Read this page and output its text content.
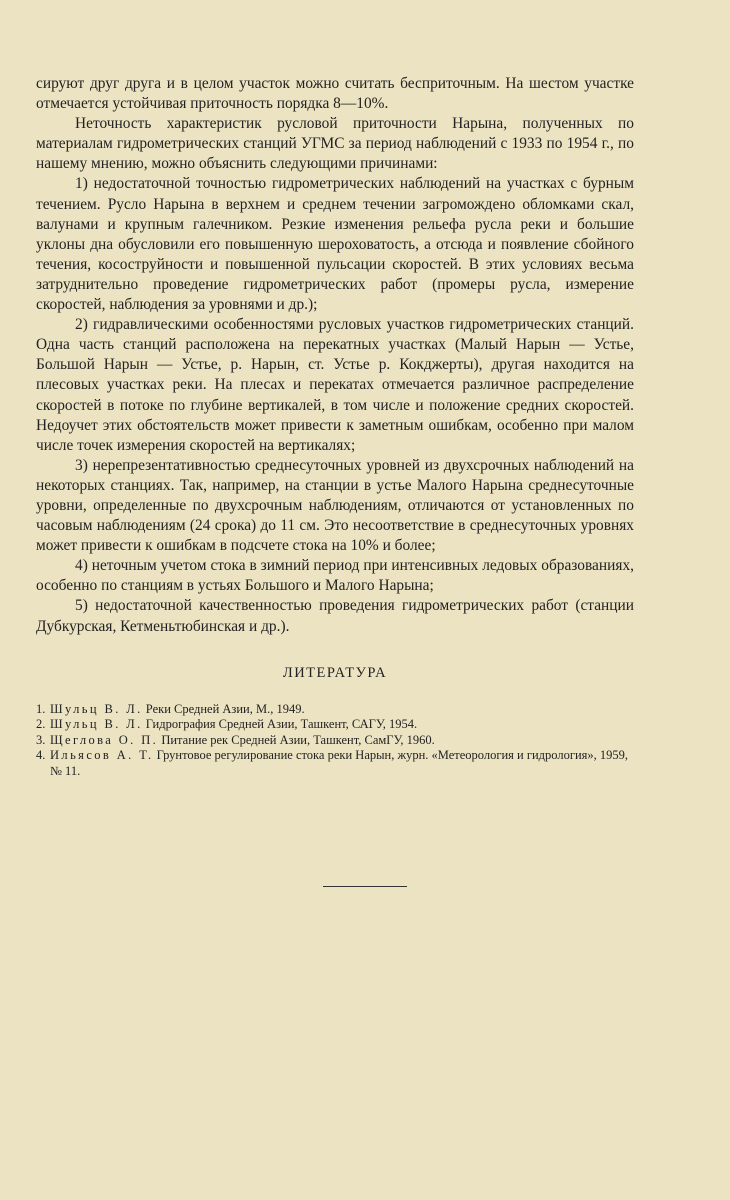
сируют друг друга и в целом участок можно считать бесприточным. На шестом участке отмечается устойчивая приточность порядка 8—10%.

Неточность характеристик русловой приточности Нарына, полученных по материалам гидрометрических станций УГМС за период наблюдений с 1933 по 1954 г., по нашему мнению, можно объяснить следующими причинами:

1) недостаточной точностью гидрометрических наблюдений на участках с бурным течением. Русло Нарына в верхнем и среднем течении загромождено обломками скал, валунами и крупным галечником. Резкие изменения рельефа русла реки и большие уклоны дна обусловили его повышенную шероховатость, а отсюда и появление сбойного течения, косоструйности и повышенной пульсации скоростей. В этих условиях весьма затруднительно проведение гидрометрических работ (промеры русла, измерение скоростей, наблюдения за уровнями и др.);

2) гидравлическими особенностями русловых участков гидрометрических станций. Одна часть станций расположена на перекатных участках (Малый Нарын — Устье, Большой Нарын — Устье, р. Нарын, ст. Устье р. Кокджерты), другая находится на плесовых участках реки. На плесах и перекатах отмечается различное распределение скоростей в потоке по глубине вертикалей, в том числе и положение средних скоростей. Недоучет этих обстоятельств может привести к заметным ошибкам, особенно при малом числе точек измерения скоростей на вертикалях;

3) нерепрезентативностью среднесуточных уровней из двухсрочных наблюдений на некоторых станциях. Так, например, на станции в устье Малого Нарына среднесуточные уровни, определенные по двухсрочным наблюдениям, отличаются от установленных по часовым наблюдениям (24 срока) до 11 см. Это несоответствие в среднесуточных уровнях может привести к ошибкам в подсчете стока на 10% и более;

4) неточным учетом стока в зимний период при интенсивных ледовых образованиях, особенно по станциям в устьях Большого и Малого Нарына;

5) недостаточной качественностью проведения гидрометрических работ (станции Дубкурская, Кетменьтюбинская и др.).

ЛИТЕРАТУРА
1. Шульц В. Л. Реки Средней Азии, М., 1949.
2. Шульц В. Л. Гидрография Средней Азии, Ташкент, САГУ, 1954.
3. Щеглова О. П. Питание рек Средней Азии, Ташкент, СамГУ, 1960.
4. Ильясов А. Т. Грунтовое регулирование стока реки Нарын, журн. «Метеорология и гидрология», 1959, № 11.
